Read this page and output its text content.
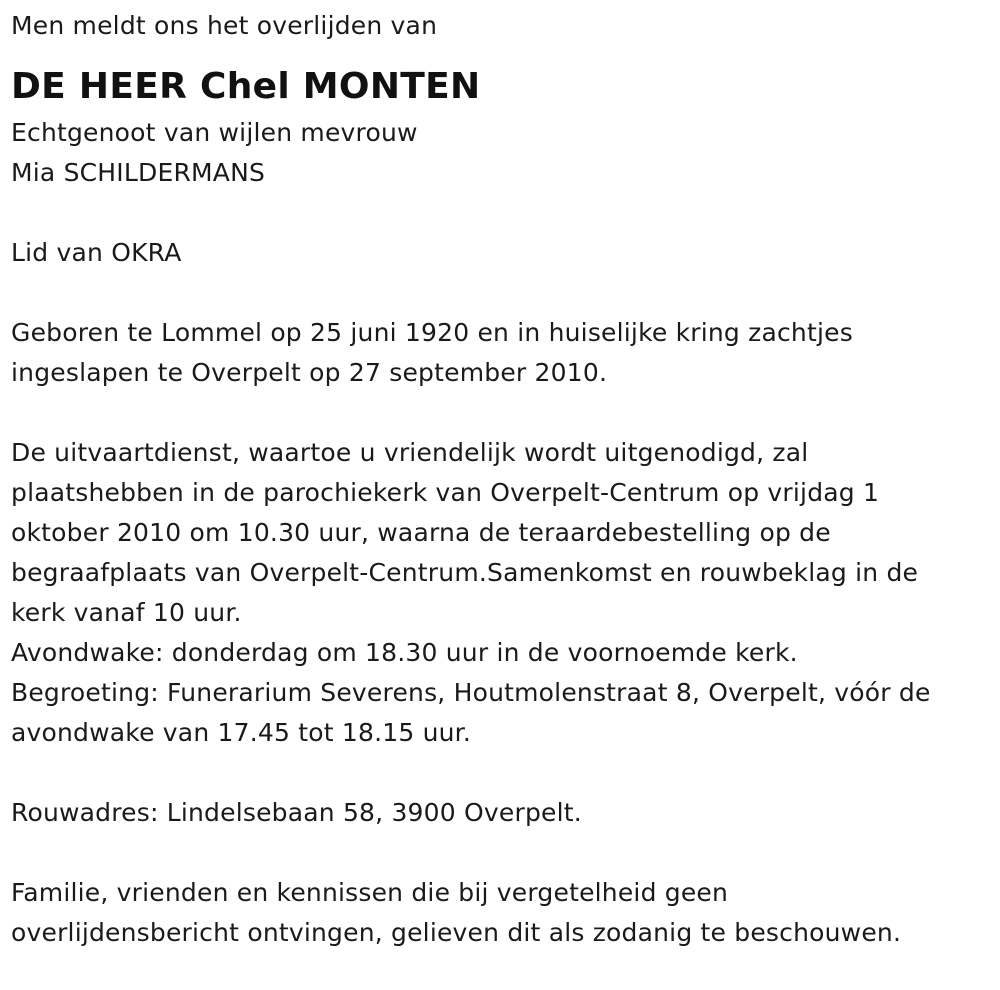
Men meldt ons het overlijden van
DE HEER Chel MONTEN
Echtgenoot van wijlen mevrouw
Mia SCHILDERMANS
Lid van OKRA
Geboren te Lommel op 25 juni 1920 en in huiselijke kring zachtjes
ingeslapen te Overpelt op 27 september 2010.
De uitvaartdienst, waartoe u vriendelijk wordt uitgenodigd, zal
plaatshebben in de parochiekerk van Overpelt-Centrum op vrijdag 1
oktober 2010 om 10.30 uur, waarna de teraardebestelling op de
begraafplaats van Overpelt-Centrum.Samenkomst en rouwbeklag in de
kerk vanaf 10 uur.
Avondwake: donderdag om 18.30 uur in de voornoemde kerk.
Begroeting: Funerarium Severens, Houtmolenstraat 8, Overpelt, vóór de
avondwake van 17.45 tot 18.15 uur.
Rouwadres: Lindelsebaan 58, 3900 Overpelt.
Familie, vrienden en kennissen die bij vergetelheid geen
overlijdensbericht ontvingen, gelieven dit als zodanig te beschouwen.
